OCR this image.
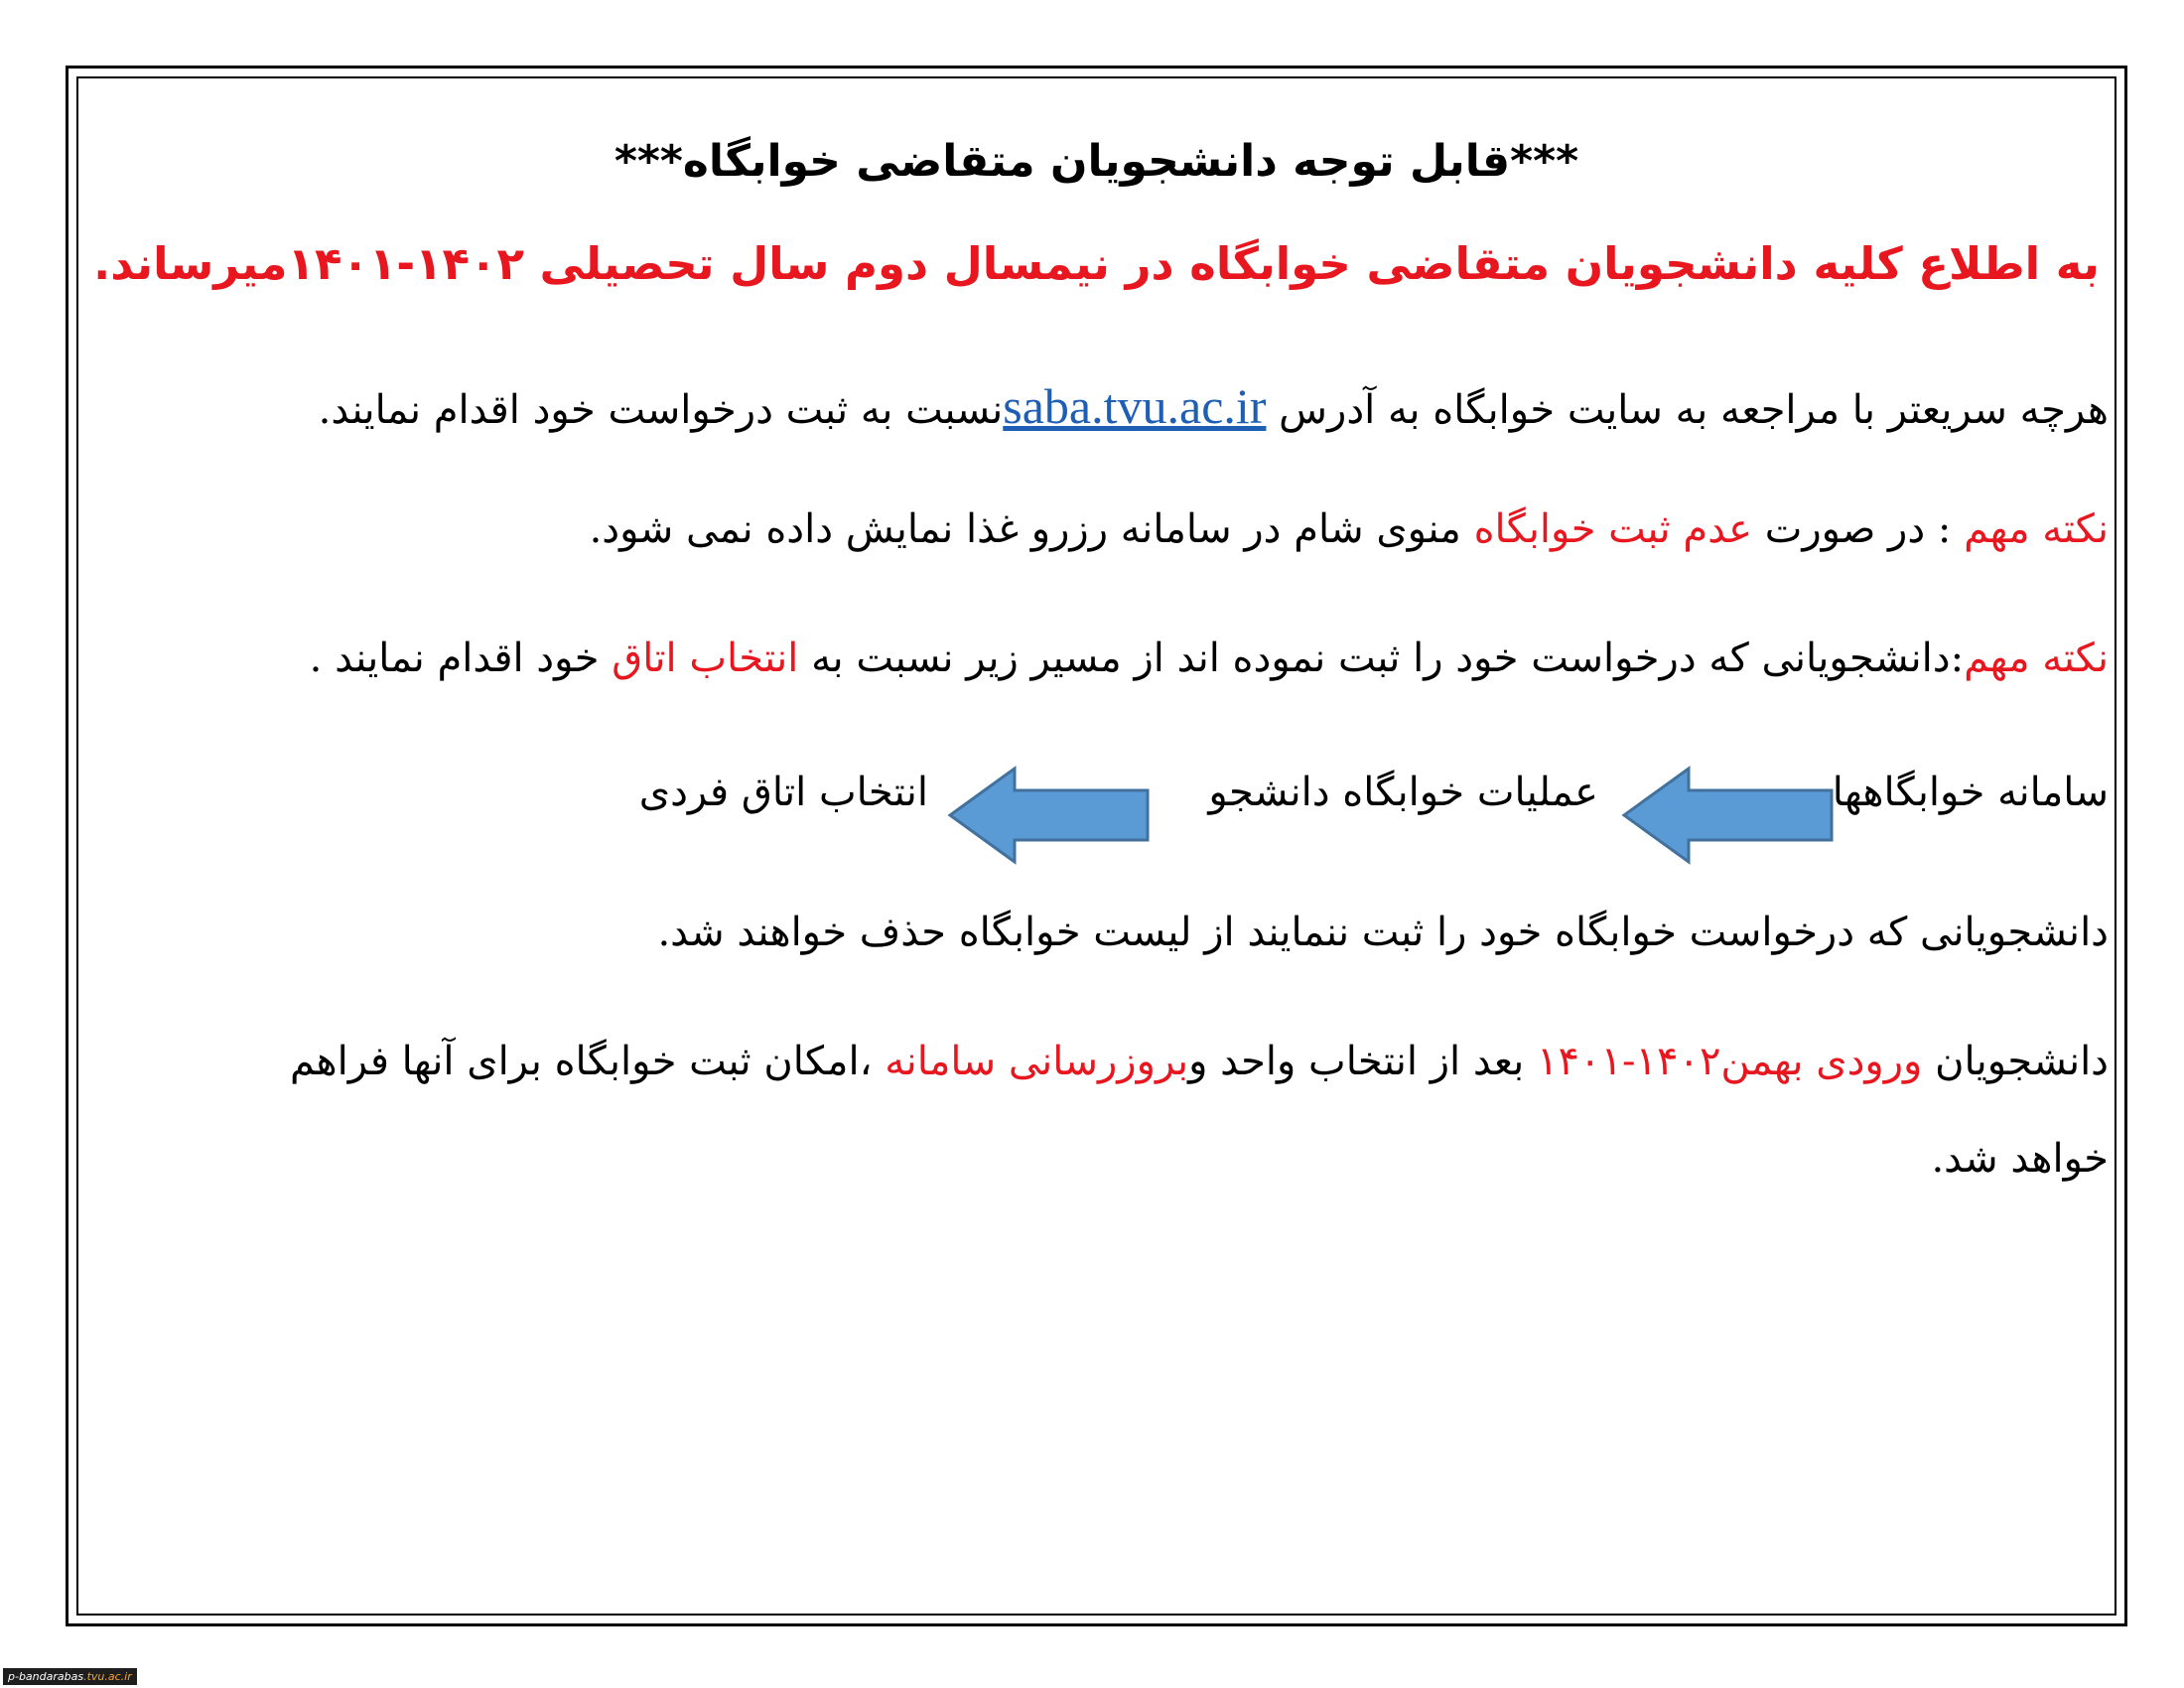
***قابل توجه دانشجویان متقاضی خوابگاه***
به اطلاع کلیه دانشجویان متقاضی خوابگاه در نیمسال دوم سال تحصیلی ۱۴۰۲-۱۴۰۱میرساند.
هرچه سریعتر با مراجعه به سایت خوابگاه به آدرس saba.tvu.ac.irنسبت به ثبت درخواست خود اقدام نمایند.
نکته مهم : در صورت عدم ثبت خوابگاه منوی شام در سامانه رزرو غذا نمایش داده نمی شود.
نکته مهم:دانشجویانی که درخواست خود را ثبت نموده اند از مسیر زیر نسبت به انتخاب اتاق خود اقدام نمایند .
سامانه خوابگاهها
عملیات خوابگاه دانشجو
انتخاب اتاق فردی
دانشجویانی که درخواست خوابگاه خود را ثبت ننمایند از لیست خوابگاه حذف خواهند شد.
دانشجویان ورودی بهمن۱۴۰۲-۱۴۰۱ بعد از انتخاب واحد وبروزرسانی سامانه ،امکان ثبت خوابگاه برای آنها فراهم
خواهد شد.
p-bandarabas.tvu.ac.ir
